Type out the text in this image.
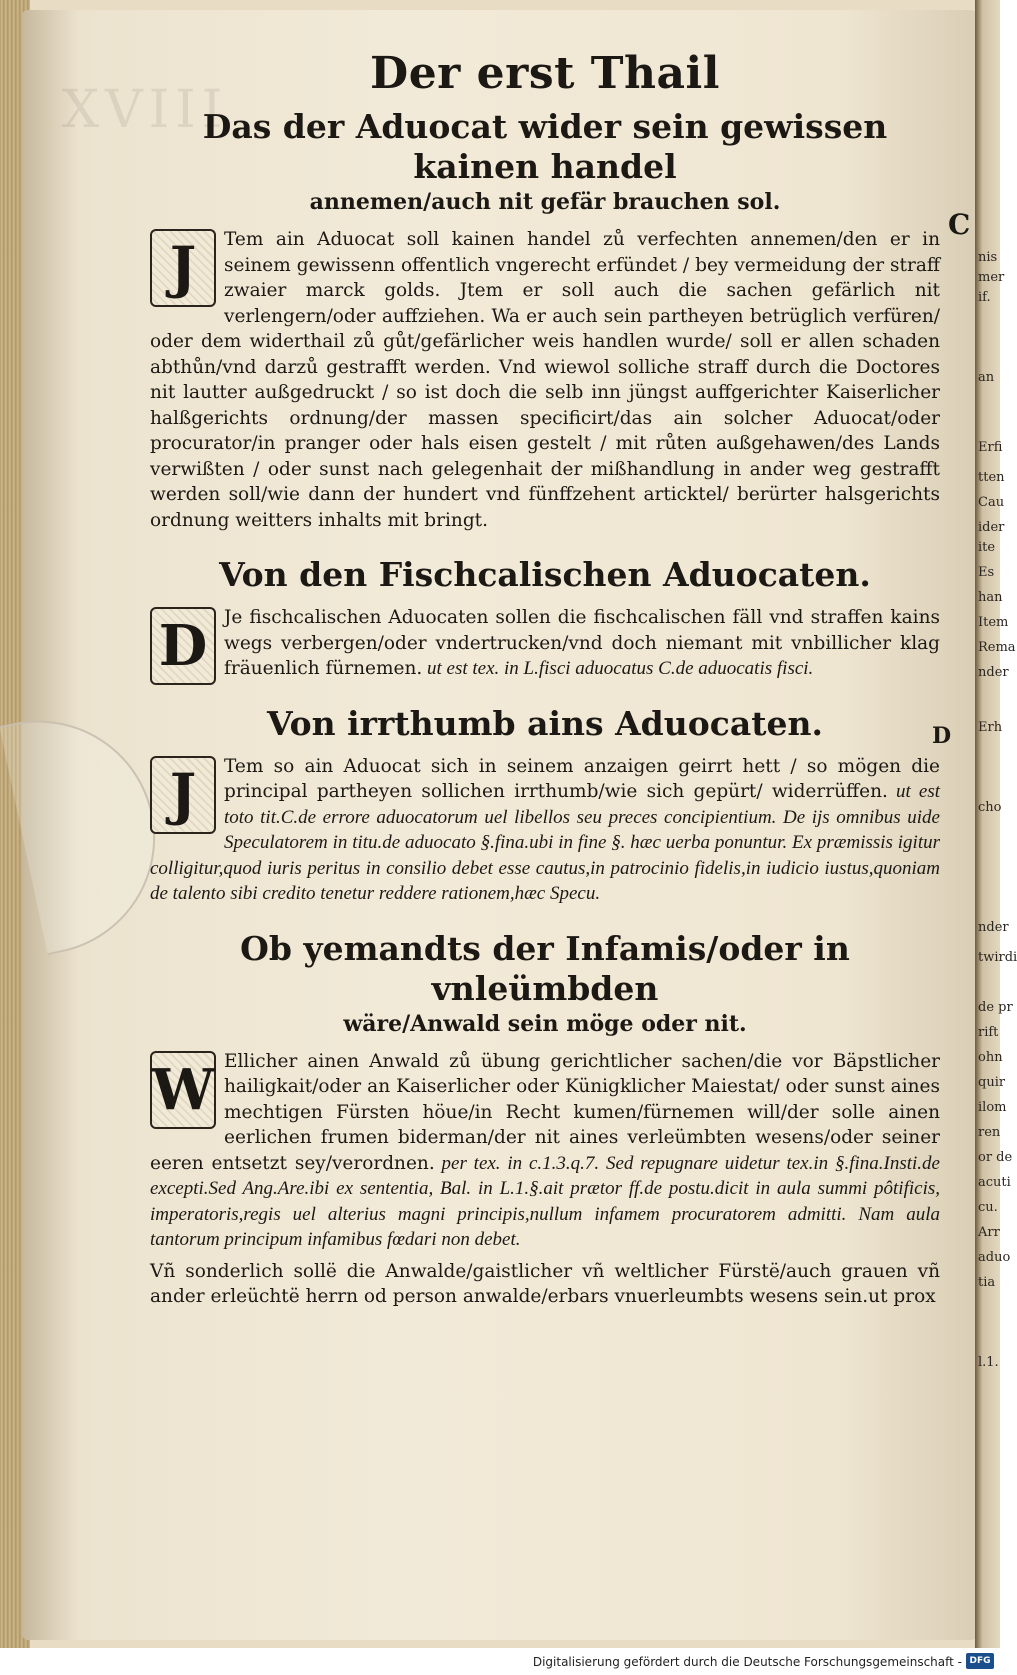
XVIII
nis
mer
if.
an
Erfi
tten
Cau
ider
ite
Es
han
Item
Rema
nder
Erh
cho
nder
twirdi
de pr
rift
ohn
quir
ilom
ren
or de
acuti
cu.
Arr
aduo
tia
l.1.
C
D
Der erst Thail
Das der Aduocat wider sein gewissen kainen handel
annemen/auch nit gefär brauchen sol.

J	Tem ain Aduocat soll kainen handel zů verfechten annemen/den er in seinem gewissenn offentlich vngerecht erfündet / bey vermeidung der straff zwaier marck golds. Jtem er soll auch die sachen gefärlich nit verlengern/oder auffziehen. Wa er auch sein partheyen betrüglich verfüren/ oder dem widerthail zů gůt/gefärlicher weis handlen wurde/ soll er allen schaden abthůn/vnd darzů gestrafft werden. Vnd wiewol solliche straff durch die Doctores nit lautter außgedruckt / so ist doch die selb inn jüngst auffgerichter Kaiserlicher halßgerichts ordnung/der massen specificirt/das ain solcher Aduocat/oder procurator/in pranger oder hals eisen gestelt / mit růten außgehawen/des Lands verwißten / oder sunst nach gelegenhait der mißhandlung in ander weg gestrafft werden soll/wie dann der hundert vnd fünffzehent articktel/ berürter halsgerichts ordnung weitters inhalts mit bringt.

Von den Fischcalischen Aduocaten.

D Je fischcalischen Aduocaten sollen die fischcalischen fäll vnd straffen kains wegs verbergen/oder vndertrucken/vnd doch niemant mit vnbillicher klag fräuenlich fürnemen. ut est tex. in L.fisci aduocatus C.de aduocatis fisci.

Von irrthumb ains Aduocaten.

J	Tem so ain Aduocat sich in seinem anzaigen geirrt hett / so mögen die principal partheyen sollichen irrthumb/wie sich gepürt/ widerrüffen. ut est toto tit.C.de errore aduocatorum uel libellos seu preces concipientium. De ijs omnibus uide Speculatorem in titu.de aduocato §.fina.ubi in fine §. hæc uerba ponuntur. Ex præmissis igitur colligitur,quod iuris peritus in consilio debet esse cautus,in patrocinio fidelis,in iudicio iustus,quoniam de talento sibi credito tenetur reddere rationem,hæc Specu.

Ob yemandts der Infamis/oder in vnleümbden
wäre/Anwald sein möge oder nit.

W Ellicher ainen Anwald zů übung gerichtlicher sachen/die vor Bäpstlicher hailigkait/oder an Kaiserlicher oder Künigklicher Maiestat/ oder sunst aines mechtigen Fürsten höue/in Recht kumen/fürnemen will/der solle ainen eerlichen frumen biderman/der nit aines verleümbten wesens/oder seiner eeren entsetzt sey/verordnen. per tex. in c.1.3.q.7. Sed repugnare uidetur tex.in §.fina.Insti.de excepti.Sed Ang.Are.ibi ex sententia, Bal. in L.1.§.ait prætor ff.de postu.dicit in aula summi pôtificis, imperatoris,regis uel alterius magni principis,nullum infamem procuratorem admitti. Nam aula tantorum principum infamibus fœdari non debet.

Vñ sonderlich sollë die Anwalde/gaistlicher vñ weltlicher Fürstë/auch grauen vñ ander erleüchtë herrn od person anwalde/erbars vnuerleumbts wesens sein.ut prox

Digitalisierung gefördert durch die Deutsche Forschungsgemeinschaft - DFG
